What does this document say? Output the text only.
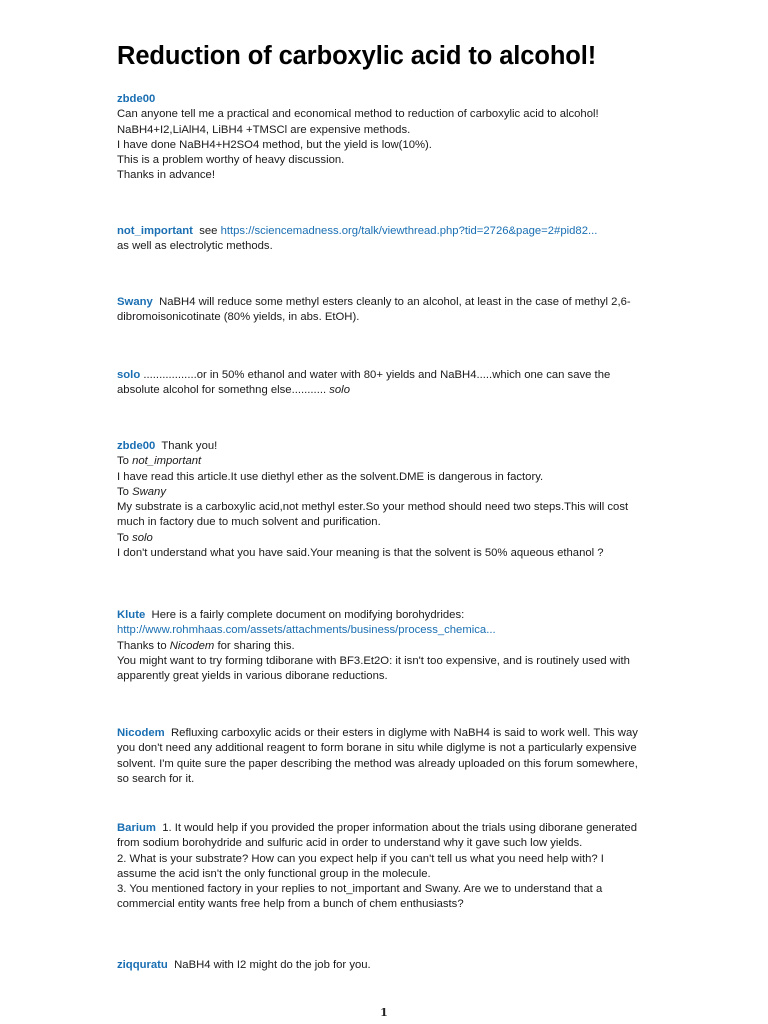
Reduction of carboxylic acid to alcohol!
zbde00
Can anyone tell me a practical and economical method to reduction of carboxylic acid to alcohol!
NaBH4+I2,LiAlH4, LiBH4 +TMSCl are expensive methods.
I have done NaBH4+H2SO4 method, but the yield is low(10%).
This is a problem worthy of heavy discussion.
Thanks in advance!
not_important see https://sciencemadness.org/talk/viewthread.php?tid=2726&page=2#pid82...
as well as electrolytic methods.
Swany NaBH4 will reduce some methyl esters cleanly to an alcohol, at least in the case of methyl 2,6-
dibromoisonicotinate (80% yields, in abs. EtOH).
solo .................or in 50% ethanol and water with 80+ yields and NaBH4.....which one can save the
absolute alcohol for somethng else........... solo
zbde00 Thank you!
To not_important
I have read this article.It use diethyl ether as the solvent.DME is dangerous in factory.
To Swany
My substrate is a carboxylic acid,not methyl ester.So your method should need two steps.This will cost
much in factory due to much solvent and purification.
To solo
I don't understand what you have said.Your meaning is that the solvent is 50% aqueous ethanol ?
Klute Here is a fairly complete document on modifying borohydrides:
http://www.rohmhaas.com/assets/attachments/business/process_chemica...
Thanks to Nicodem for sharing this.
You might want to try forming tdiborane with BF3.Et2O: it isn't too expensive, and is routinely used with
apparently great yields in various diborane reductions.
Nicodem Refluxing carboxylic acids or their esters in diglyme with NaBH4 is said to work well. This way
you don't need any additional reagent to form borane in situ while diglyme is not a particularly expensive
solvent. I'm quite sure the paper describing the method was already uploaded on this forum somewhere,
so search for it.
Barium 1. It would help if you provided the proper information about the trials using diborane generated
from sodium borohydride and sulfuric acid in order to understand why it gave such low yields.
2. What is your substrate? How can you expect help if you can't tell us what you need help with? I
assume the acid isn't the only functional group in the molecule.
3. You mentioned factory in your replies to not_important and Swany. Are we to understand that a
commercial entity wants free help from a bunch of chem enthusiasts?
ziqquratu NaBH4 with I2 might do the job for you.
1
